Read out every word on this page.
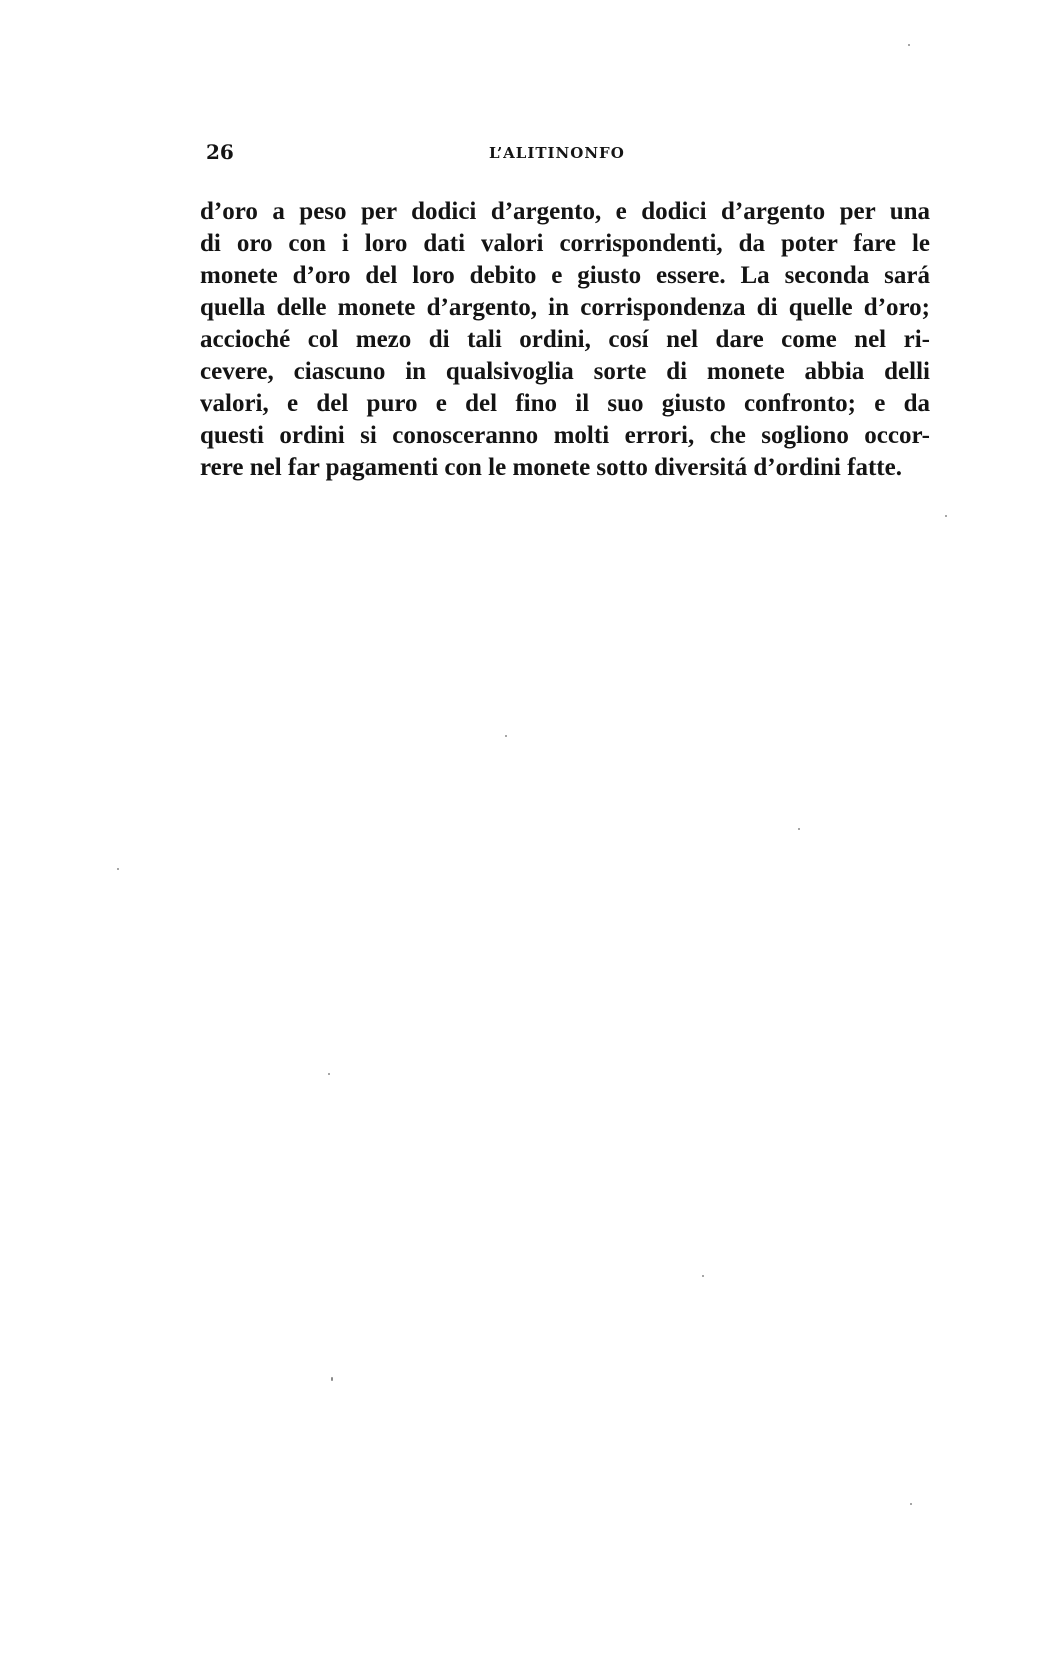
26	L’ALITINONFO

d’oro a peso per dodici d’argento, e dodici d’argento per una
di oro con i loro dati valori corrispondenti, da poter fare le
monete d’oro del loro debito e giusto essere. La seconda sará
quella delle monete d’argento, in corrispondenza di quelle d’oro;
accioché col mezo di tali ordini, cosí nel dare come nel ri-
cevere, ciascuno in qualsivoglia sorte di monete abbia delli
valori, e del puro e del fino il suo giusto confronto; e da
questi ordini si conosceranno molti errori, che sogliono occor-
rere nel far pagamenti con le monete sotto diversitá d’ordini fatte.
